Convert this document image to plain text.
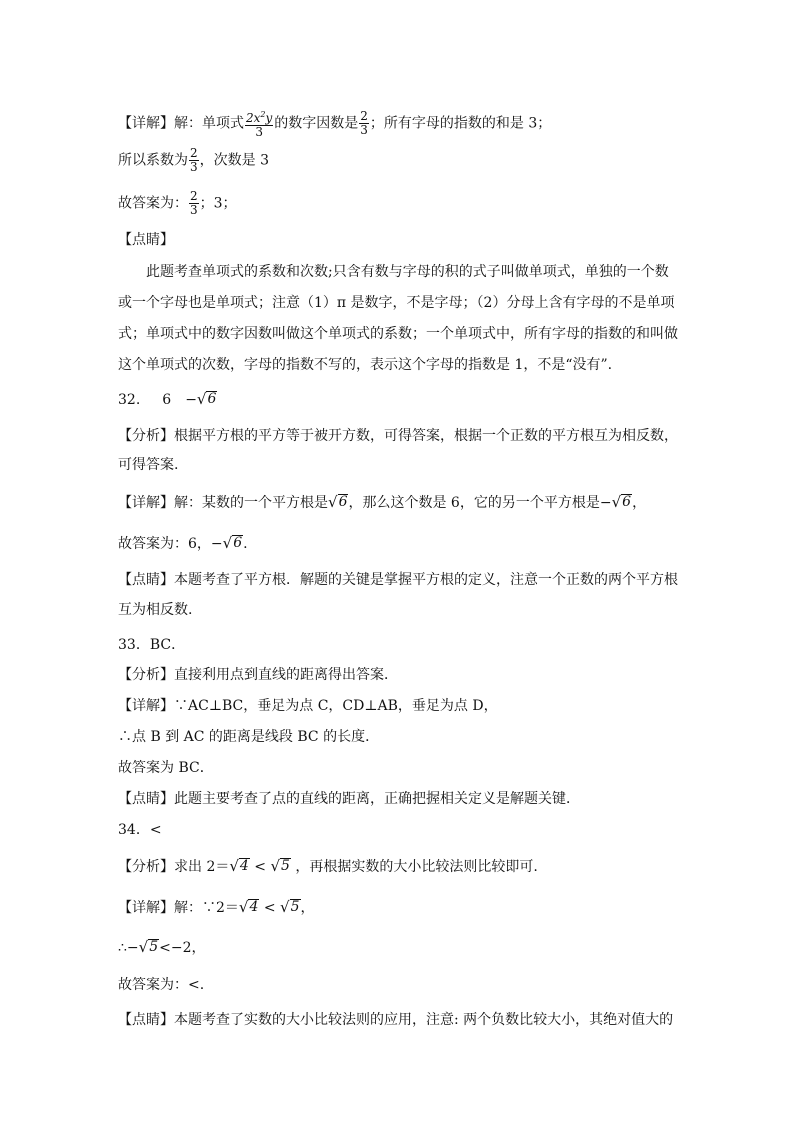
【详解】解：单项式 $\frac{2x^2y}{3}$ 的数字因数是 $\frac{2}{3}$ ；所有字母的指数的和是 3；
所以系数为 $\frac{2}{3}$ ，次数是 3
故答案为： $\frac{2}{3}$ ；3；
【点睛】
此题考查单项式的系数和次数;只含有数与字母的积的式子叫做单项式，单独的一个数
或一个字母也是单项式；注意（1）π 是数字，不是字母；（2）分母上含有字母的不是单项
式；单项式中的数字因数叫做这个单项式的系数；一个单项式中，所有字母的指数的和叫做
这个单项式的次数，字母的指数不写的，表示这个字母的指数是 1，不是“没有”.
32. 6 − √ 6
【分析】根据平方根的平方等于被开方数，可得答案，根据一个正数的平方根互为相反数，
可得答案.
【详解】解：某数的一个平方根是 √ 6 ，那么这个数是 6，它的另一个平方根是− √ 6 ，
故答案为：6，− √ 6 .
【点睛】本题考查了平方根．解题的关键是掌握平方根的定义，注意一个正数的两个平方根
互为相反数.
33．BC．
【分析】直接利用点到直线的距离得出答案．
【详解】∵AC⊥BC，垂足为点 C，CD⊥AB，垂足为点 D，
∴点 B 到 AC 的距离是线段 BC 的长度．
故答案为 BC．
【点睛】此题主要考查了点的直线的距离，正确把握相关定义是解题关键．
34．<
【分析】求出 2＝ √ 4 < √ 5 ，再根据实数的大小比较法则比较即可.
【详解】解：∵2＝ √ 4 < √ 5 ，
∴− √ 5 <−2，
故答案为：<.
【点睛】本题考查了实数的大小比较法则的应用，注意: 两个负数比较大小，其绝对值大的
